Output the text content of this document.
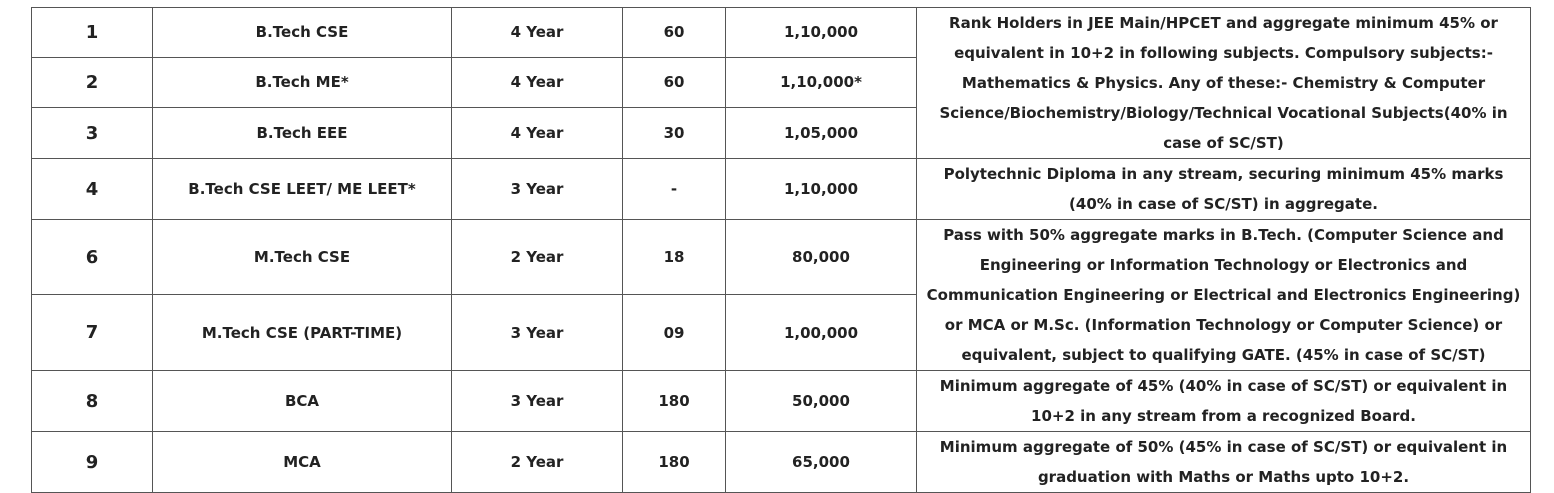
1	B.Tech CSE	4 Year	60	1,10,000	Rank Holders in JEE Main/HPCET and aggregate minimum 45% or equivalent in 10+2 in following subjects. Compulsory subjects:-Mathematics & Physics. Any of these:- Chemistry & Computer Science/Biochemistry/Biology/Technical Vocational Subjects(40% in case of SC/ST)
2	B.Tech ME*	4 Year	60	1,10,000*	
3	B.Tech EEE	4 Year	30	1,05,000	
4	B.Tech CSE LEET/ ME LEET*	3 Year	-	1,10,000	Polytechnic Diploma in any stream, securing minimum 45% marks (40% in case of SC/ST) in aggregate.
6	M.Tech CSE	2 Year	18	80,000	Pass with 50% aggregate marks in B.Tech. (Computer Science and Engineering or Information Technology or Electronics and Communication Engineering or Electrical and Electronics Engineering) or MCA or M.Sc. (Information Technology or Computer Science) or equivalent, subject to qualifying GATE. (45% in case of SC/ST)
7	M.Tech CSE (PART-TIME)	3 Year	09	1,00,000	
8	BCA	3 Year	180	50,000	Minimum aggregate of 45% (40% in case of SC/ST) or equivalent in 10+2 in any stream from a recognized Board.
9	MCA	2 Year	180	65,000	Minimum aggregate of 50% (45% in case of SC/ST) or equivalent in graduation with Maths or Maths upto 10+2.
